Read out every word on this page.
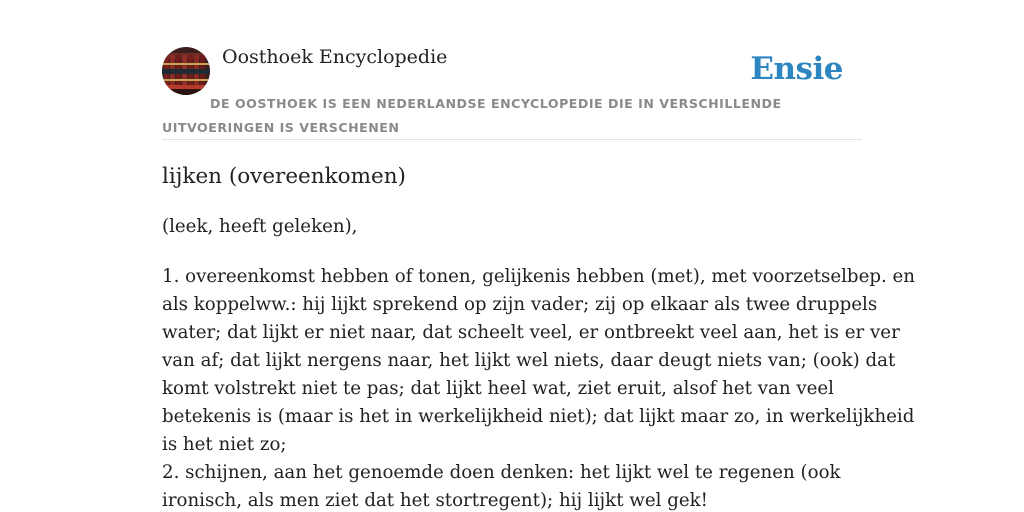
Oosthoek Encyclopedie	Ensie
DE OOSTHOEK IS EEN NEDERLANDSE ENCYCLOPEDIE DIE IN VERSCHILLENDE UITVOERINGEN IS VERSCHENEN
lijken (overeenkomen)

(leek, heeft geleken),

1. overeenkomst hebben of tonen, gelijkenis hebben (met), met voorzetselbep. en
als koppelww.: hij lijkt sprekend op zijn vader; zij op elkaar als twee druppels
water; dat lijkt er niet naar, dat scheelt veel, er ontbreekt veel aan, het is er ver
van af; dat lijkt nergens naar, het lijkt wel niets, daar deugt niets van; (ook) dat
komt volstrekt niet te pas; dat lijkt heel wat, ziet eruit, alsof het van veel
betekenis is (maar is het in werkelijkheid niet); dat lijkt maar zo, in werkelijkheid
is het niet zo;
2. schijnen, aan het genoemde doen denken: het lijkt wel te regenen (ook
ironisch, als men ziet dat het stortregent); hij lijkt wel gek!
